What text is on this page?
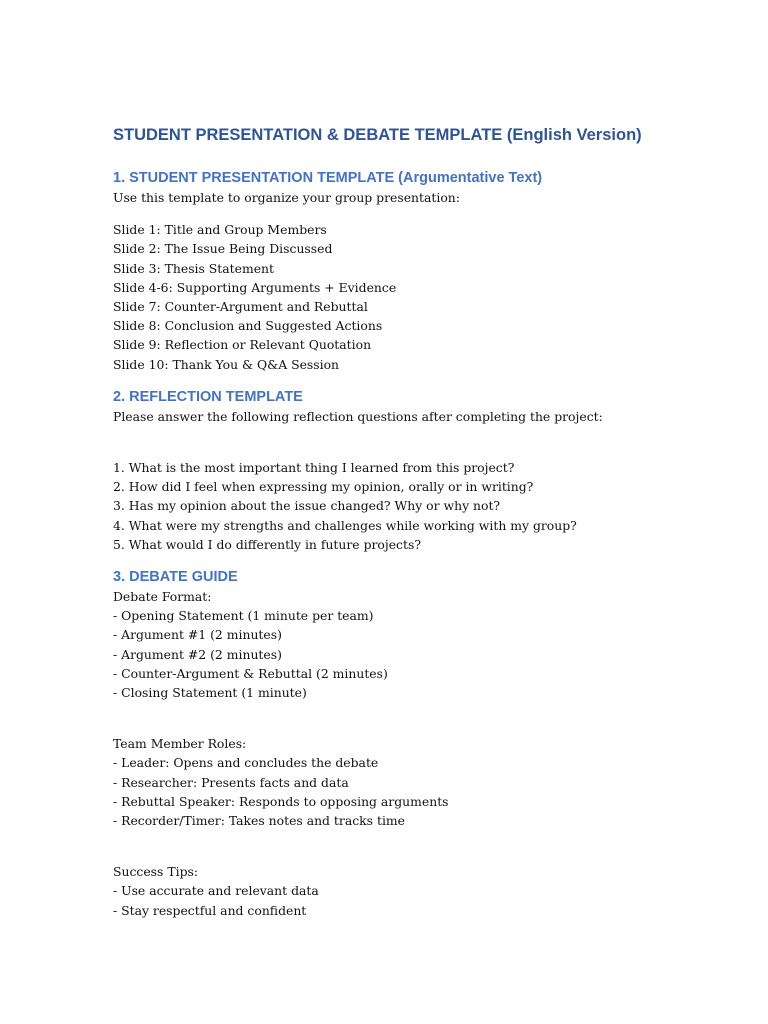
STUDENT PRESENTATION & DEBATE TEMPLATE (English Version)
1. STUDENT PRESENTATION TEMPLATE (Argumentative Text)

Use this template to organize your group presentation:

Slide 1: Title and Group Members
Slide 2: The Issue Being Discussed
Slide 3: Thesis Statement
Slide 4-6: Supporting Arguments + Evidence
Slide 7: Counter-Argument and Rebuttal
Slide 8: Conclusion and Suggested Actions
Slide 9: Reflection or Relevant Quotation
Slide 10: Thank You & Q&A Session
2. REFLECTION TEMPLATE

Please answer the following reflection questions after completing the project:

1. What is the most important thing I learned from this project?
2. How did I feel when expressing my opinion, orally or in writing?
3. Has my opinion about the issue changed? Why or why not?
4. What were my strengths and challenges while working with my group?
5. What would I do differently in future projects?
3. DEBATE GUIDE
Debate Format:
- Opening Statement (1 minute per team)
- Argument #1 (2 minutes)
- Argument #2 (2 minutes)
- Counter-Argument & Rebuttal (2 minutes)
- Closing Statement (1 minute)
Team Member Roles:
- Leader: Opens and concludes the debate
- Researcher: Presents facts and data
- Rebuttal Speaker: Responds to opposing arguments
- Recorder/Timer: Takes notes and tracks time
Success Tips:
- Use accurate and relevant data
- Stay respectful and confident
